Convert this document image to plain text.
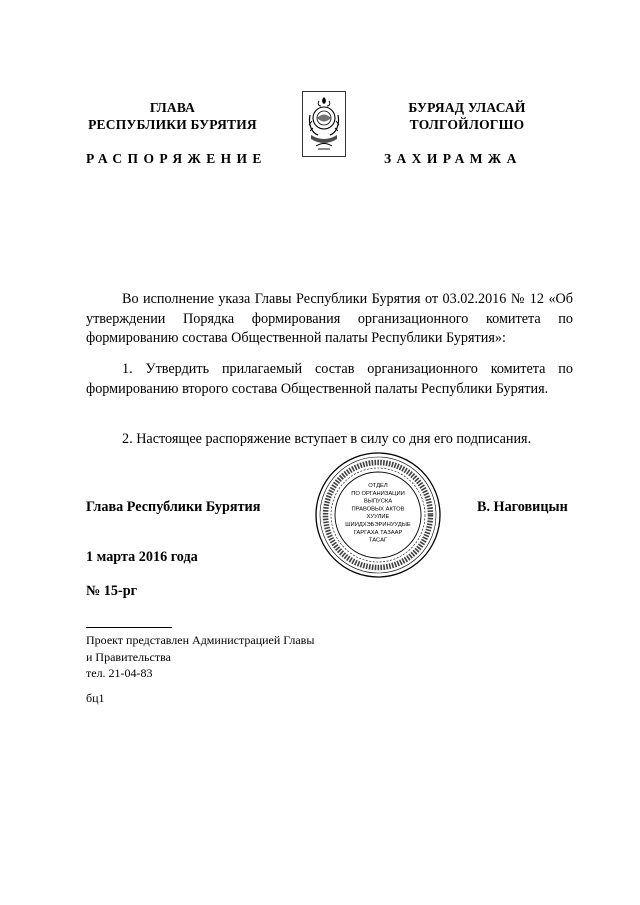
ГЛАВА
РЕСПУБЛИКИ БУРЯТИЯ
РАСПОРЯЖЕНИЕ
БУРЯАД УЛАСАЙ
ТОЛГОЙЛОГШО
ЗАХИРАМЖА
Во исполнение указа Главы Республики Бурятия от 03.02.2016 № 12 «Об утверждении Порядка формирования организационного комитета по формированию состава Общественной палаты Республики Бурятия»:
1. Утвердить прилагаемый состав организационного комитета по формированию второго состава Общественной палаты Республики Бурятия.
2. Настоящее распоряжение вступает в силу со дня его подписания.
Глава Республики Бурятия	В. Наговицын
ОТДЕЛ
ПО ОРГАНИЗАЦИИ
ВЫПУСКА
ПРАВОВЫХ АКТОВ
ХУУЛИЕ
ШИИДХЭБЭРИНУУДЫЕ
ГАРГАХА ТАЗААР
ТАСАГ
1 марта 2016 года
№ 15-рг
Проект представлен Администрацией Главы
и Правительства
тел. 21-04-83
бц1
